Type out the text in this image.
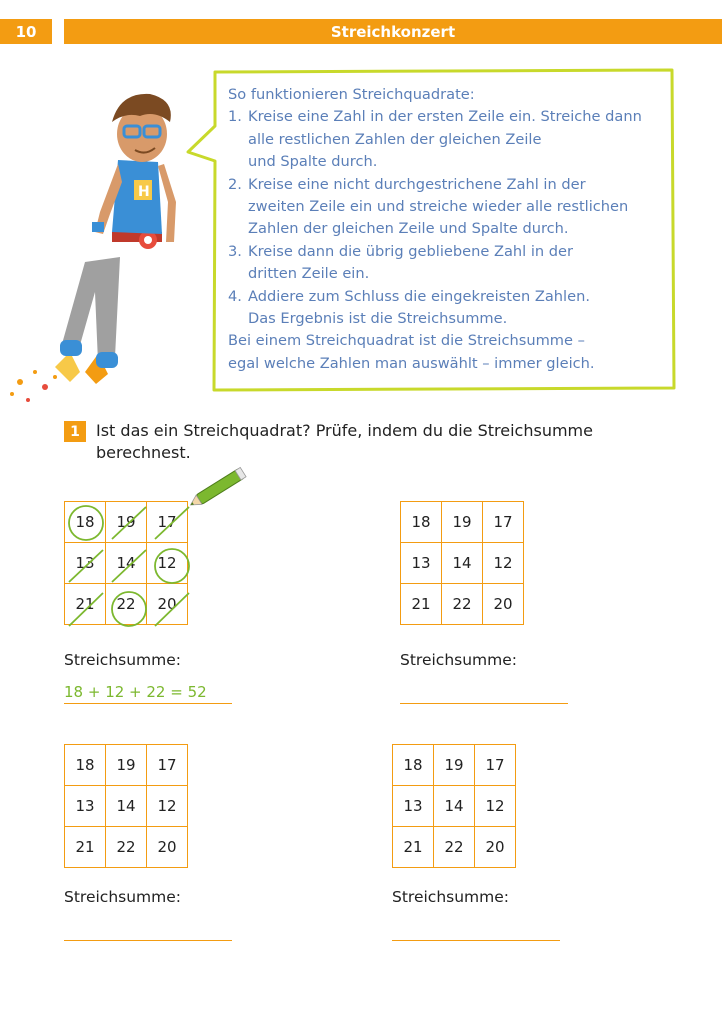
10	Streichkonzert
H
So funktionieren Streichquadrate:
1. Kreise eine Zahl in der ersten Zeile ein. Streiche dann
alle restlichen Zahlen der gleichen Zeile
und Spalte durch.
2. Kreise eine nicht durchgestrichene Zahl in der
zweiten Zeile ein und streiche wieder alle restlichen
Zahlen der gleichen Zeile und Spalte durch.
3. Kreise dann die übrig gebliebene Zahl in der
dritten Zeile ein.
4. Addiere zum Schluss die eingekreisten Zahlen.
Das Ergebnis ist die Streichsumme.
Bei einem Streichquadrat ist die Streichsumme –
egal welche Zahlen man auswählt – immer gleich.
1	Ist das ein Streichquadrat? Prüfe, indem du die Streichsumme
berechnest.
18	19	17
13	14	12
21	22	20
Streichsumme:
18 + 12 + 22 = 52
18	19	17
13	14	12
21	22	20
Streichsumme:
18	19	17
13	14	12
21	22	20
Streichsumme:
18	19	17
13	14	12
21	22	20
Streichsumme:
